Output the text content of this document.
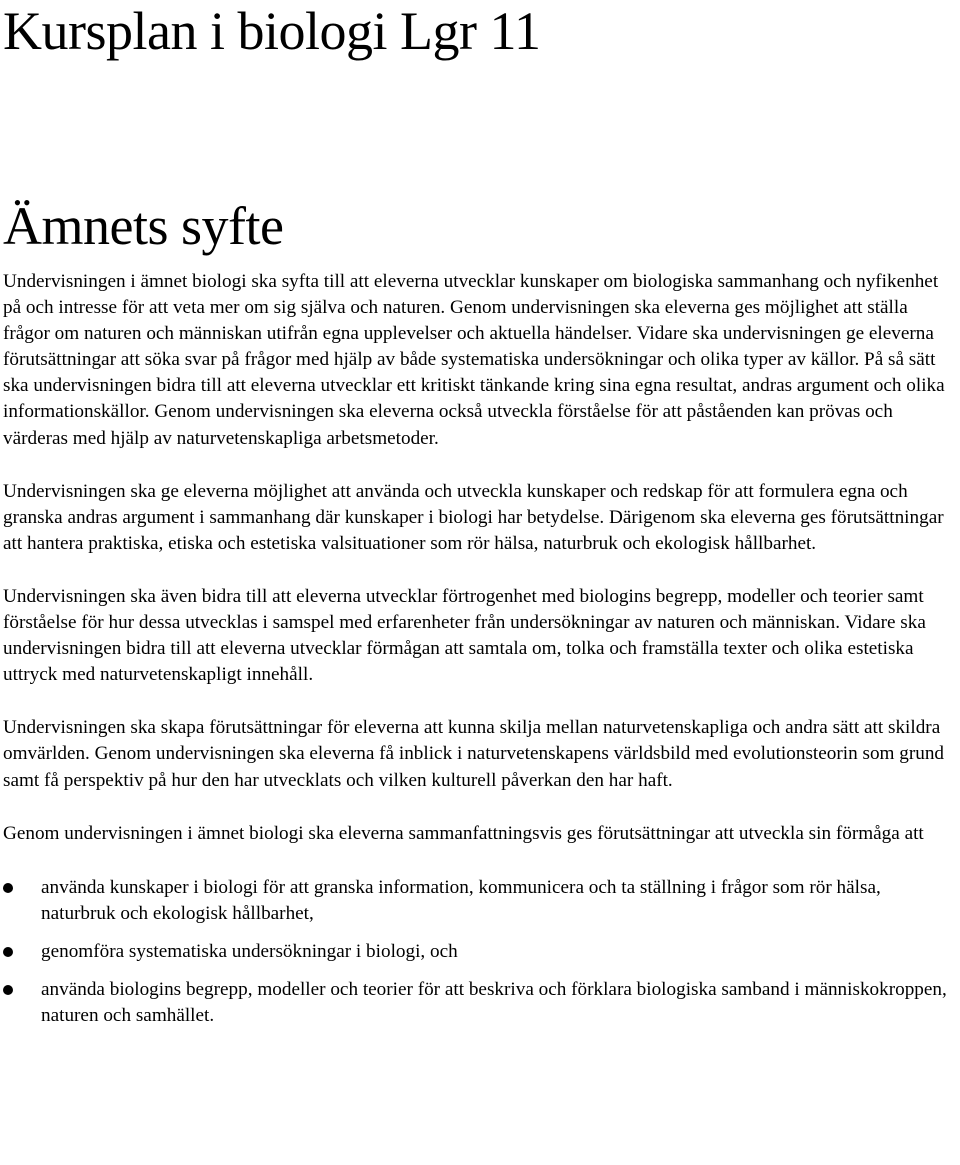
Kursplan i biologi Lgr 11
Ämnets syfte

Undervisningen i ämnet biologi ska syfta till att eleverna utvecklar kunskaper om biologiska sammanhang och nyfikenhet på och intresse för att veta mer om sig själva och naturen. Genom undervisningen ska eleverna ges möjlighet att ställa frågor om naturen och människan utifrån egna upplevelser och aktuella händelser. Vidare ska undervisningen ge eleverna förutsättningar att söka svar på frågor med hjälp av både systematiska undersökningar och olika typer av källor. På så sätt ska undervisningen bidra till att eleverna utvecklar ett kritiskt tänkande kring sina egna resultat, andras argument och olika informationskällor. Genom undervisningen ska eleverna också utveckla förståelse för att påståenden kan prövas och värderas med hjälp av naturvetenskapliga arbetsmetoder.

Undervisningen ska ge eleverna möjlighet att använda och utveckla kunskaper och redskap för att formulera egna och granska andras argument i sammanhang där kunskaper i biologi har betydelse. Därigenom ska eleverna ges förutsättningar att hantera praktiska, etiska och estetiska valsituationer som rör hälsa, naturbruk och ekologisk hållbarhet.

Undervisningen ska även bidra till att eleverna utvecklar förtrogenhet med biologins begrepp, modeller och teorier samt förståelse för hur dessa utvecklas i samspel med erfarenheter från undersökningar av naturen och människan. Vidare ska undervisningen bidra till att eleverna utvecklar förmågan att samtala om, tolka och framställa texter och olika estetiska uttryck med naturvetenskapligt innehåll.

Undervisningen ska skapa förutsättningar för eleverna att kunna skilja mellan naturvetenskapliga och andra sätt att skildra omvärlden. Genom undervisningen ska eleverna få inblick i naturvetenskapens världsbild med evolutionsteorin som grund samt få perspektiv på hur den har utvecklats och vilken kulturell påverkan den har haft.

Genom undervisningen i ämnet biologi ska eleverna sammanfattningsvis ges förutsättningar att utveckla sin förmåga att

använda kunskaper i biologi för att granska information, kommunicera och ta ställning i frågor som rör hälsa, naturbruk och ekologisk hållbarhet,
genomföra systematiska undersökningar i biologi, och
använda biologins begrepp, modeller och teorier för att beskriva och förklara biologiska samband i människokroppen, naturen och samhället.
